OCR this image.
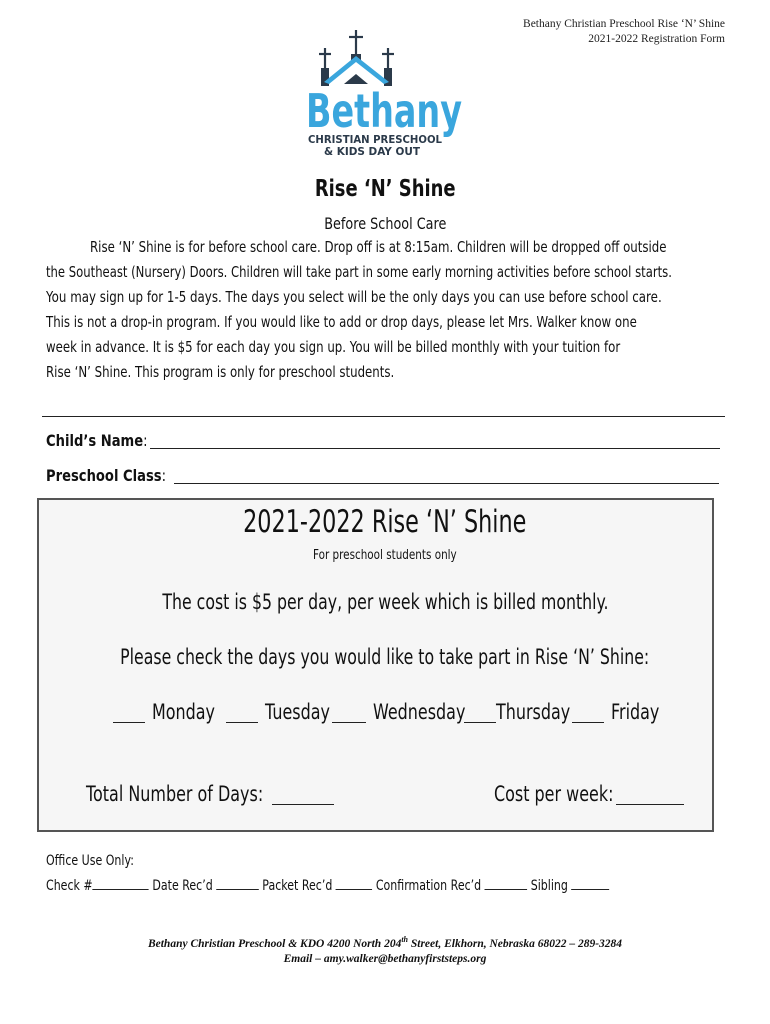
Bethany Christian Preschool Rise ‘N’ Shine
2021-2022 Registration Form
Bethany
CHRISTIAN PRESCHOOL
& KIDS DAY OUT
Rise ‘N’ Shine
Before School Care
Rise ‘N’ Shine is for before school care. Drop off is at 8:15am. Children will be dropped off outside
the Southeast (Nursery) Doors. Children will take part in some early morning activities before school starts.
You may sign up for 1-5 days. The days you select will be the only days you can use before school care.
This is not a drop-in program. If you would like to add or drop days, please let Mrs. Walker know one
week in advance. It is $5 for each day you sign up. You will be billed monthly with your tuition for
Rise ‘N’ Shine. This program is only for preschool students.
Child’s Name:
Preschool Class:
2021-2022 Rise ‘N’ Shine
For preschool students only
The cost is $5 per day, per week which is billed monthly.
Please check the days you would like to take part in Rise ‘N’ Shine:
Monday Tuesday Wednesday Thursday Friday
Total Number of Days:	Cost per week:
Office Use Only:
Check #	Date Rec’d	Packet Rec’d	Confirmation Rec’d	Sibling
Bethany Christian Preschool & KDO 4200 North 204th Street, Elkhorn, Nebraska 68022 – 289-3284
Email – amy.walker@bethanyfirststeps.org
